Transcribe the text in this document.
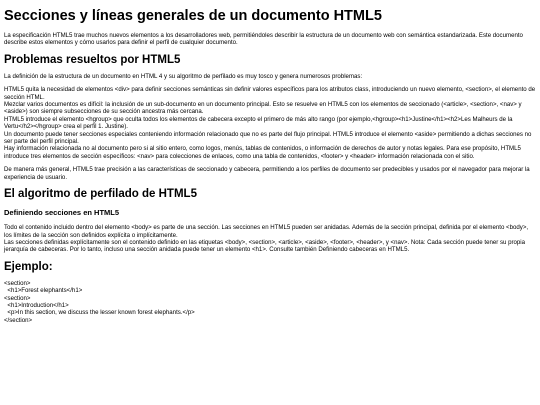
Secciones y líneas generales de un documento HTML5

La especificación HTML5 trae muchos nuevos elementos a los desarrolladores web, permitiéndoles describir la estructura de un documento web con semántica estandarizada. Este documento describe estos elementos y cómo usarlos para definir el perfil de cualquier documento.

Problemas resueltos por HTML5

La definición de la estructura de un documento en HTML 4 y su algoritmo de perfilado es muy tosco y genera numerosos problemas:

HTML5 quita la necesidad de elementos <div> para definir secciones semánticas sin definir valores específicos para los atributos class, introduciendo un nuevo elemento, <section>, el elemento de sección HTML.
Mezclar varios documentos es difícil: la inclusión de un sub-documento en un documento principal. Esto se resuelve en HTML5 con los elementos de seccionado (<article>, <section>, <nav> y <aside>) son siempre subsecciones de su sección ancestra más cercana.
HTML5 introduce el elemento <hgroup> que oculta todos los elementos de cabecera excepto el primero de más alto rango (por ejemplo,<hgroup><h1>Justine</h1><h2>Les Malheurs de la Vertu</h2></hgroup> crea el perfil 1. Justine).
Un documento puede tener secciones especiales conteniendo información relacionado que no es parte del flujo principal. HTML5 introduce el elemento <aside> permitiendo a dichas secciones no ser parte del perfil principal.
Hay información relacionada no al documento pero si al sitio entero, como logos, menús, tablas de contenidos, o información de derechos de autor y notas legales. Para ese propósito, HTML5 introduce tres elementos de sección específicos: <nav> para colecciones de enlaces, como una tabla de contenidos, <footer> y <header> información relacionada con el sitio.

De manera más general, HTML5 trae precisión a las características de seccionado y cabecera, permitiendo a los perfiles de documento ser predecibles y usados por el navegador para mejorar la experiencia de usuario.

El algoritmo de perfilado de HTML5
Definiendo secciones en HTML5

Todo el contenido incluido dentro del elemento <body> es parte de una sección. Las secciones en HTML5 pueden ser anidadas. Además de la sección principal, definida por el elemento <body>, los límites de la sección son definidos explícita o implícitamente.
Las secciones definidas explícitamente son el contenido definido en las etiquetas <body>, <section>, <article>, <aside>, <footer>, <header>, y <nav>. Nota: Cada sección puede tener su propia jerarquía de cabeceras. Por lo tanto, incluso una sección anidada puede tener un elemento <h1>. Consulte también Definiendo cabeceras en HTML5.

Ejemplo:
<section>
<h1>Forest elephants</h1>
<section>
<h1>Introduction</h1>
<p>In this section, we discuss the lesser known forest elephants.</p>
</section>
